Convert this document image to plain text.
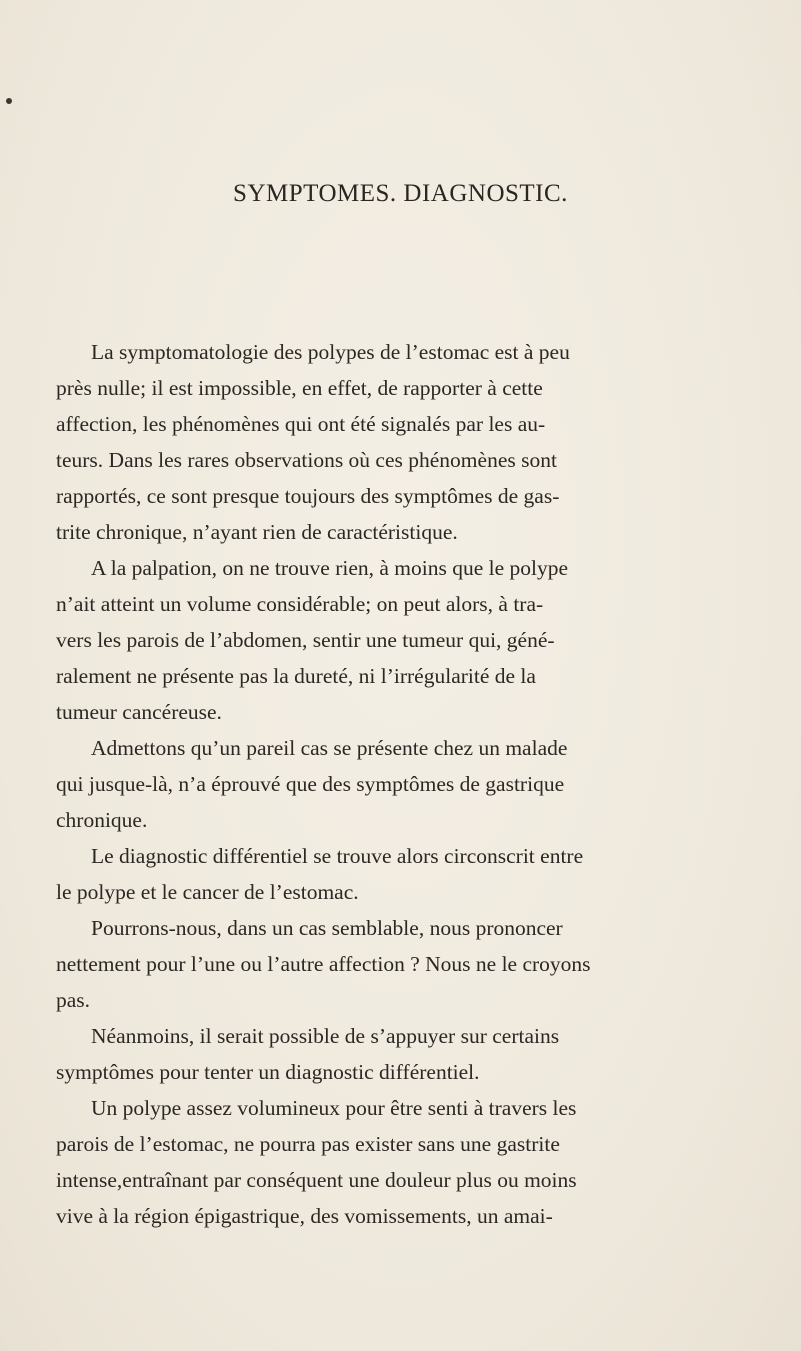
SYMPTOMES. DIAGNOSTIC.
La symptomatologie des polypes de l’estomac est à peu
près nulle; il est impossible, en effet, de rapporter à cette
affection, les phénomènes qui ont été signalés par les au-
teurs. Dans les rares observations où ces phénomènes sont
rapportés, ce sont presque toujours des symptômes de gas-
trite chronique, n’ayant rien de caractéristique.
A la palpation, on ne trouve rien, à moins que le polype
n’ait atteint un volume considérable; on peut alors, à tra-
vers les parois de l’abdomen, sentir une tumeur qui, géné-
ralement ne présente pas la dureté, ni l’irrégularité de la
tumeur cancéreuse.
Admettons qu’un pareil cas se présente chez un malade
qui jusque-là, n’a éprouvé que des symptômes de gastrique
chronique.
Le diagnostic différentiel se trouve alors circonscrit entre
le polype et le cancer de l’estomac.
Pourrons-nous, dans un cas semblable, nous prononcer
nettement pour l’une ou l’autre affection ? Nous ne le croyons
pas.
Néanmoins, il serait possible de s’appuyer sur certains
symptômes pour tenter un diagnostic différentiel.
Un polype assez volumineux pour être senti à travers les
parois de l’estomac, ne pourra pas exister sans une gastrite
intense,entraînant par conséquent une douleur plus ou moins
vive à la région épigastrique, des vomissements, un amai-
